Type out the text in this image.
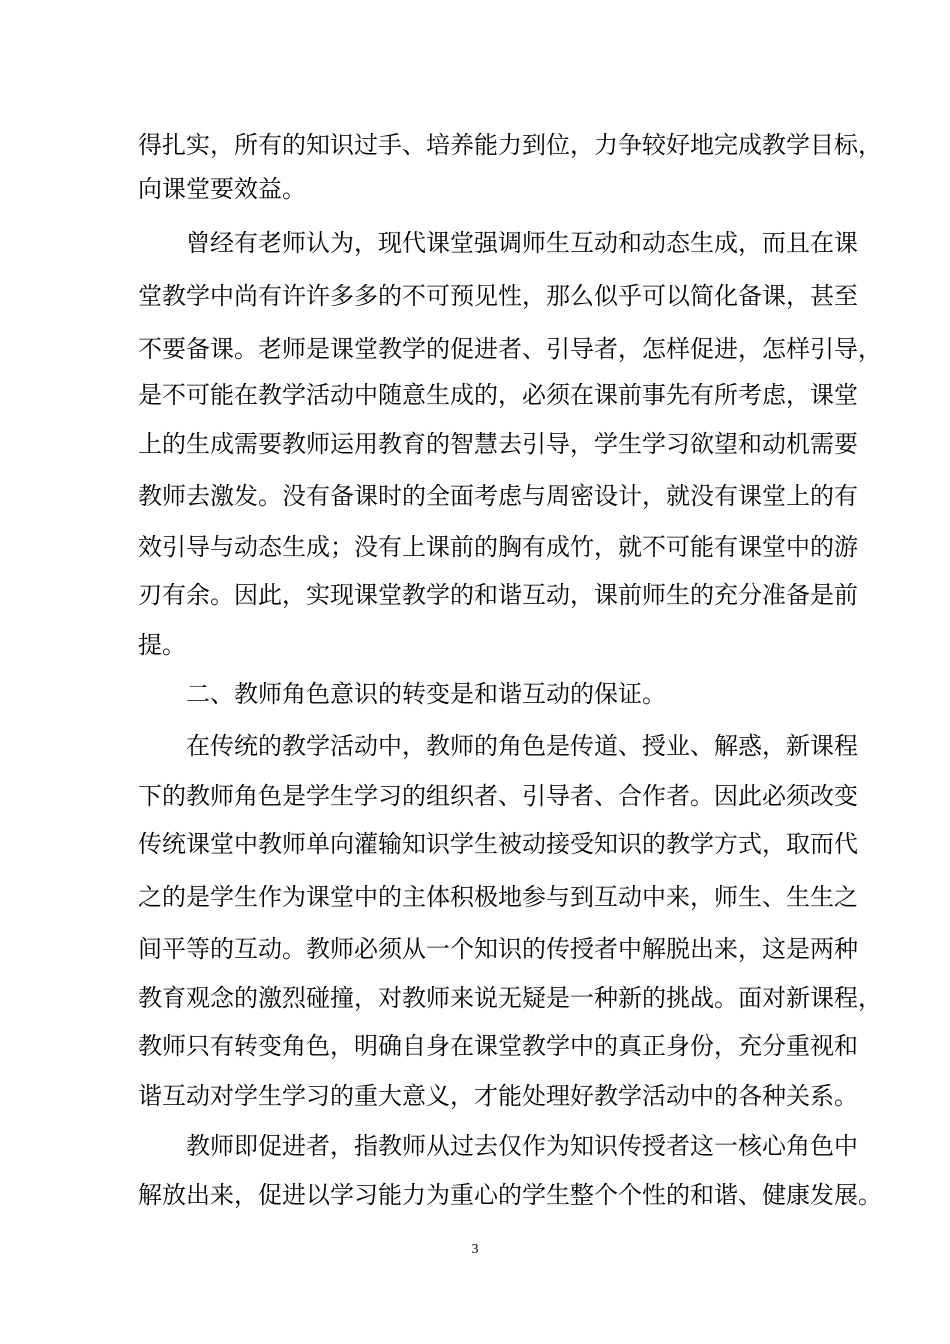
得扎实，所有的知识过手、培养能力到位，力争较好地完成教学目标，
向课堂要效益。
曾经有老师认为，现代课堂强调师生互动和动态生成，而且在课
堂教学中尚有许许多多的不可预见性，那么似乎可以简化备课，甚至
不要备课。老师是课堂教学的促进者、引导者，怎样促进，怎样引导，
是不可能在教学活动中随意生成的，必须在课前事先有所考虑，课堂
上的生成需要教师运用教育的智慧去引导，学生学习欲望和动机需要
教师去激发。没有备课时的全面考虑与周密设计，就没有课堂上的有
效引导与动态生成；没有上课前的胸有成竹，就不可能有课堂中的游
刃有余。因此，实现课堂教学的和谐互动，课前师生的充分准备是前
提。
二、教师角色意识的转变是和谐互动的保证。
在传统的教学活动中，教师的角色是传道、授业、解惑，新课程
下的教师角色是学生学习的组织者、引导者、合作者。因此必须改变
传统课堂中教师单向灌输知识学生被动接受知识的教学方式，取而代
之的是学生作为课堂中的主体积极地参与到互动中来，师生、生生之
间平等的互动。教师必须从一个知识的传授者中解脱出来，这是两种
教育观念的激烈碰撞，对教师来说无疑是一种新的挑战。面对新课程，
教师只有转变角色，明确自身在课堂教学中的真正身份，充分重视和
谐互动对学生学习的重大意义，才能处理好教学活动中的各种关系。
教师即促进者，指教师从过去仅作为知识传授者这一核心角色中
解放出来，促进以学习能力为重心的学生整个个性的和谐、健康发展。
3
